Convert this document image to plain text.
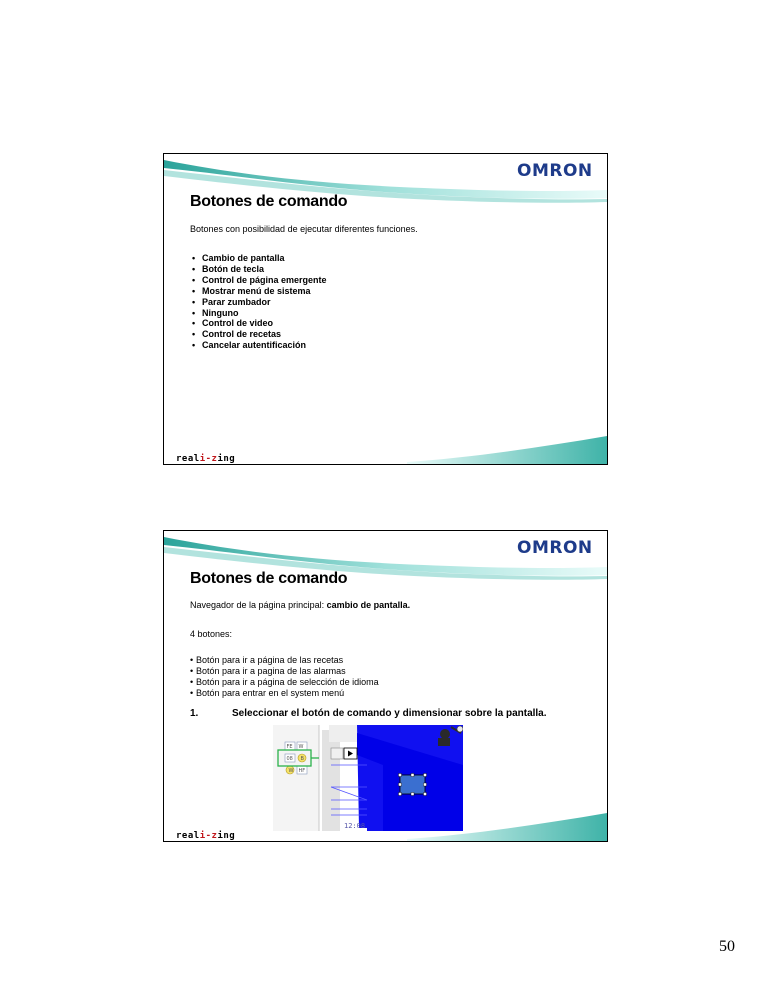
OMRON
Botones de comando
Botones con posibilidad de ejecutar diferentes funciones.
• Cambio de pantalla
• Botón de tecla
• Control de página emergente
• Mostrar menú de sistema
• Parar zumbador
• Ninguno
• Control de video
• Control de recetas
• Cancelar autentificación
reali-zing
OMRON
Botones de comando
Navegador de la página principal: cambio de pantalla.
4 botones:
• Botón para ir a página de las recetas
• Botón para ir a pagina de las alarmas
• Botón para ir a página de selección de idioma
• Botón para entrar en el system menú
1.	Seleccionar el botón de comando y dimensionar sobre la pantalla.
FE W
08 B
W HF
12:08
reali-zing
50
